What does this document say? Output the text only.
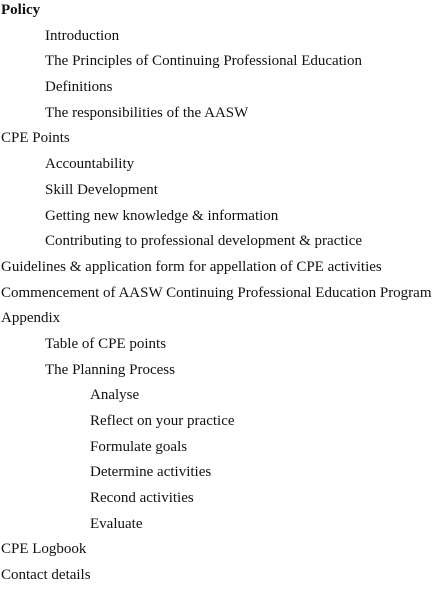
Policy
Introduction
The Principles of Continuing Professional Education
Definitions
The responsibilities of the AASW
CPE Points
Accountability
Skill Development
Getting new knowledge & information
Contributing to professional development & practice
Guidelines & application form for appellation of CPE activities
Commencement of AASW Continuing Professional Education Program
Appendix
Table of CPE points
The Planning Process
Analyse
Reflect on your practice
Formulate goals
Determine activities
Recond activities
Evaluate
CPE Logbook
Contact details
